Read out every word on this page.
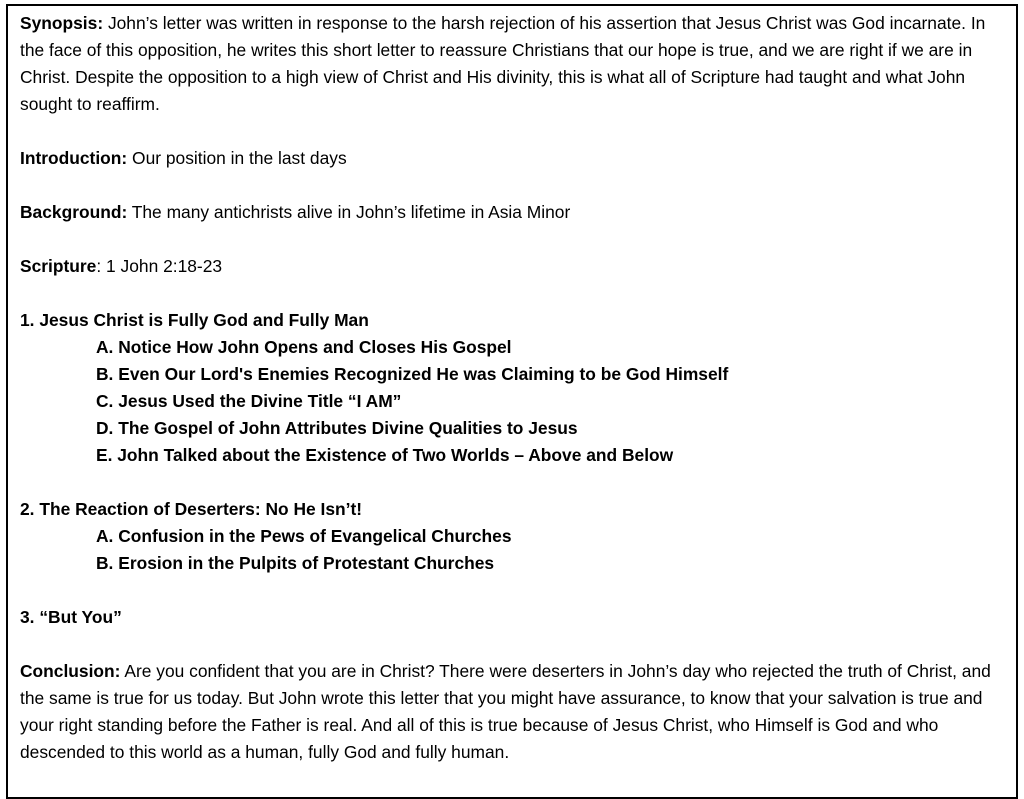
Synopsis: John’s letter was written in response to the harsh rejection of his assertion that Jesus Christ was God incarnate. In the face of this opposition, he writes this short letter to reassure Christians that our hope is true, and we are right if we are in Christ. Despite the opposition to a high view of Christ and His divinity, this is what all of Scripture had taught and what John sought to reaffirm.

Introduction: Our position in the last days

Background: The many antichrists alive in John’s lifetime in Asia Minor

Scripture: 1 John 2:18-23

1. Jesus Christ is Fully God and Fully Man

A. Notice How John Opens and Closes His Gospel

B. Even Our Lord's Enemies Recognized He was Claiming to be God Himself

C. Jesus Used the Divine Title “I AM”

D. The Gospel of John Attributes Divine Qualities to Jesus

E. John Talked about the Existence of Two Worlds – Above and Below

2. The Reaction of Deserters: No He Isn’t!

A. Confusion in the Pews of Evangelical Churches

B. Erosion in the Pulpits of Protestant Churches

3. “But You”

Conclusion: Are you confident that you are in Christ? There were deserters in John’s day who rejected the truth of Christ, and the same is true for us today. But John wrote this letter that you might have assurance, to know that your salvation is true and your right standing before the Father is real. And all of this is true because of Jesus Christ, who Himself is God and who descended to this world as a human, fully God and fully human.
